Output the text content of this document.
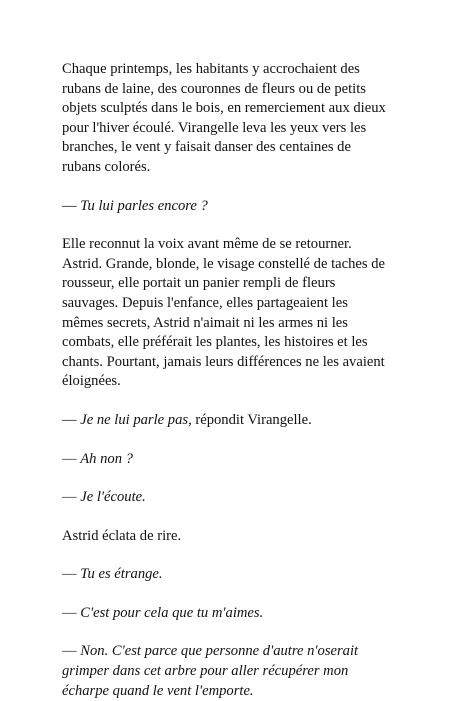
Chaque printemps, les habitants y accrochaient des rubans de laine, des couronnes de fleurs ou de petits objets sculptés dans le bois, en remerciement aux dieux pour l'hiver écoulé. Virangelle leva les yeux vers les branches, le vent y faisait danser des centaines de rubans colorés.

— Tu lui parles encore ?

Elle reconnut la voix avant même de se retourner. Astrid. Grande, blonde, le visage constellé de taches de rousseur, elle portait un panier rempli de fleurs sauvages. Depuis l'enfance, elles partageaient les mêmes secrets, Astrid n'aimait ni les armes ni les combats, elle préférait les plantes, les histoires et les chants. Pourtant, jamais leurs différences ne les avaient éloignées.

— Je ne lui parle pas, répondit Virangelle.

— Ah non ?

— Je l'écoute.

Astrid éclata de rire.

— Tu es étrange.

— C'est pour cela que tu m'aimes.

— Non. C'est parce que personne d'autre n'oserait grimper dans cet arbre pour aller récupérer mon écharpe quand le vent l'emporte.
